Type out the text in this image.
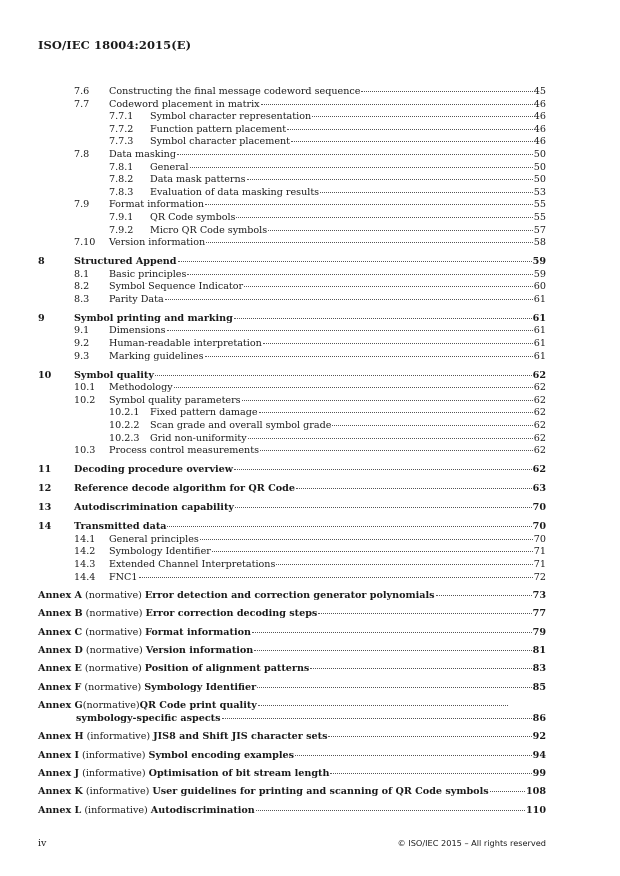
ISO/IEC 18004:2015(E)
7.6 Constructing the final message codeword sequence	45
7.7 Codeword placement in matrix	46
7.7.1 Symbol character representation	46
7.7.2 Function pattern placement	46
7.7.3 Symbol character placement	46
7.8 Data masking	50
7.8.1 General	50
7.8.2 Data mask patterns	50
7.8.3 Evaluation of data masking results	53
7.9 Format information	55
7.9.1 QR Code symbols	55
7.9.2 Micro QR Code symbols	57
7.10 Version information	58
8	Structured Append	59
8.1 Basic principles	59
8.2 Symbol Sequence Indicator	60
8.3 Parity Data	61
9	Symbol printing and marking	61
9.1 Dimensions	61
9.2 Human-readable interpretation	61
9.3 Marking guidelines	61
10 Symbol quality	62
10.1 Methodology	62
10.2 Symbol quality parameters	62
10.2.1 Fixed pattern damage	62
10.2.2 Scan grade and overall symbol grade	62
10.2.3 Grid non-uniformity	62
10.3 Process control measurements	62
11 Decoding procedure overview	62
12 Reference decode algorithm for QR Code	63
13 Autodiscrimination capability	70
14 Transmitted data	70
14.1 General principles	70
14.2 Symbology Identifier	71
14.3 Extended Channel Interpretations	71
14.4 FNC1	72
Annex A (normative) Error detection and correction generator polynomials	73
Annex B (normative) Error correction decoding steps	77
Annex C (normative) Format information	79
Annex D (normative) Version information	81
Annex E (normative) Position of alignment patterns	83
Annex F (normative) Symbology Identifier	85
Annex G (normative) QR Code print quality
symbology-specific aspects	86
Annex H (informative) JIS8 and Shift JIS character sets	92
Annex I (informative) Symbol encoding examples	94
Annex J (informative) Optimisation of bit stream length	99
Annex K (informative) User guidelines for printing and scanning of QR Code symbols	108
Annex L (informative) Autodiscrimination	110
iv	© ISO/IEC 2015 – All rights reserved
